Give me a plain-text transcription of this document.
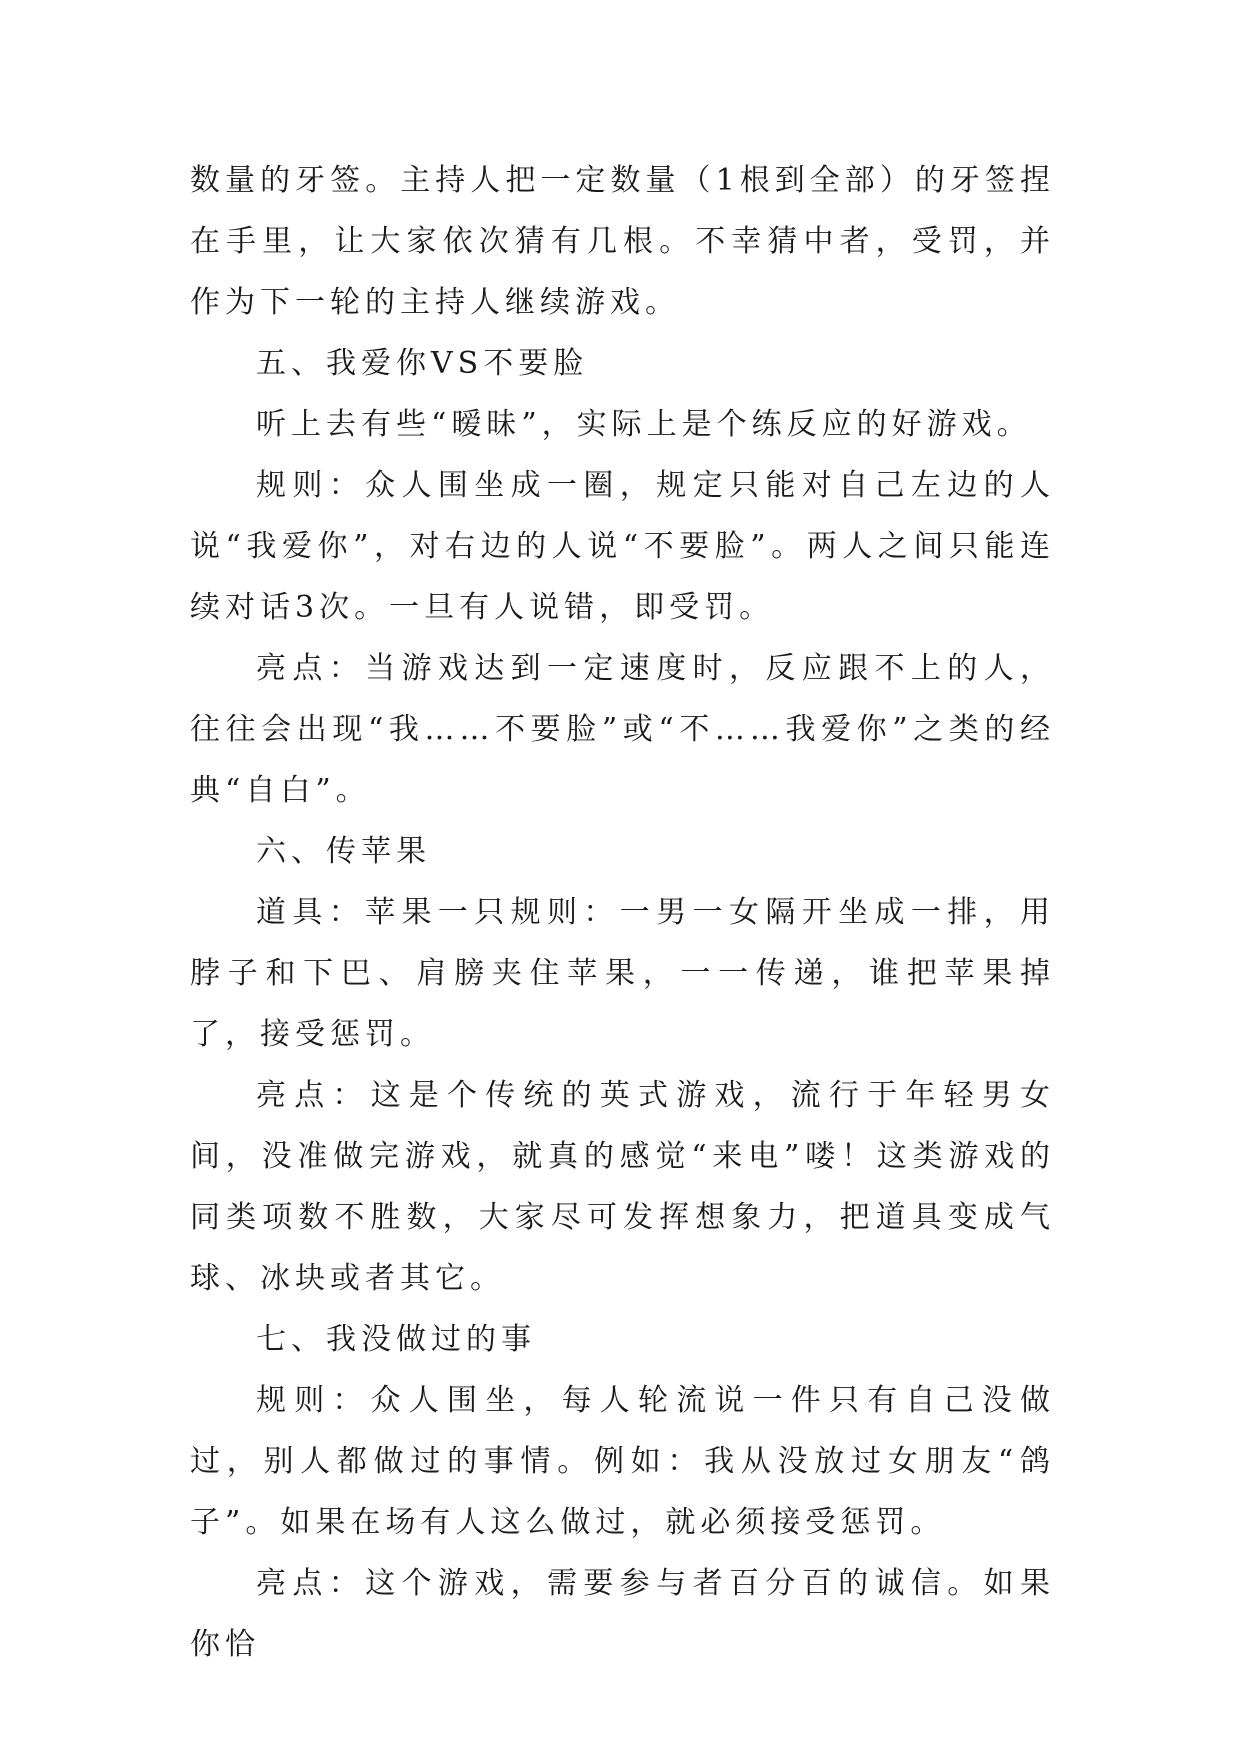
数量的牙签。主持人把一定数量（1根到全部）的牙签捏在手里，让大家依次猜有几根。不幸猜中者，受罚，并作为下一轮的主持人继续游戏。

五、我爱你VS不要脸

听上去有些“暧昧”，实际上是个练反应的好游戏。

规则：众人围坐成一圈，规定只能对自己左边的人说“我爱你”，对右边的人说“不要脸”。两人之间只能连续对话3次。一旦有人说错，即受罚。

亮点：当游戏达到一定速度时，反应跟不上的人，往往会出现“我……不要脸”或“不……我爱你”之类的经典“自白”。

六、传苹果

道具：苹果一只规则：一男一女隔开坐成一排，用脖子和下巴、肩膀夹住苹果，一一传递，谁把苹果掉了，接受惩罚。

亮点：这是个传统的英式游戏，流行于年轻男女间，没准做完游戏，就真的感觉“来电”喽！这类游戏的同类项数不胜数，大家尽可发挥想象力，把道具变成气球、冰块或者其它。

七、我没做过的事

规则：众人围坐，每人轮流说一件只有自己没做过，别人都做过的事情。例如：我从没放过女朋友“鸽子”。如果在场有人这么做过，就必须接受惩罚。

亮点：这个游戏，需要参与者百分百的诚信。如果你恰
